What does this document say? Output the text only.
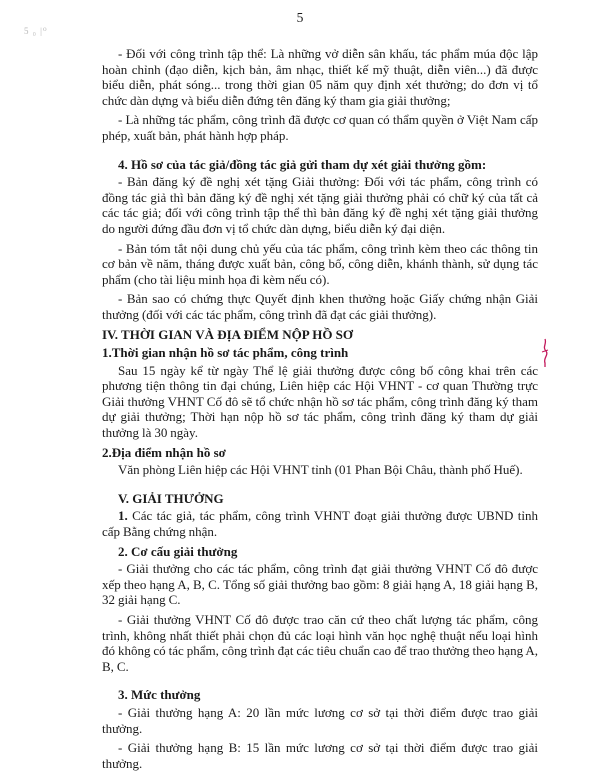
5
5 ₀ |⁰

- Đối với công trình tập thể: Là những vở diễn sân khấu, tác phẩm múa độc lập hoàn chỉnh (đạo diễn, kịch bản, âm nhạc, thiết kế mỹ thuật, diễn viên...) đã được biểu diễn, phát sóng... trong thời gian 05 năm quy định xét thưởng; do đơn vị tổ chức dàn dựng và biểu diễn đứng tên đăng ký tham gia giải thưởng;

- Là những tác phẩm, công trình đã được cơ quan có thẩm quyền ở Việt Nam cấp phép, xuất bản, phát hành hợp pháp.

4. Hồ sơ của tác giả/đồng tác giả gửi tham dự xét giải thưởng gồm:

- Bản đăng ký đề nghị xét tặng Giải thưởng: Đối với tác phẩm, công trình có đồng tác giả thì bản đăng ký đề nghị xét tặng giải thưởng phải có chữ ký của tất cả các tác giả; đối với công trình tập thể thì bản đăng ký đề nghị xét tặng giải thưởng do người đứng đầu đơn vị tổ chức dàn dựng, biểu diễn ký đại diện.

- Bản tóm tắt nội dung chủ yếu của tác phẩm, công trình kèm theo các thông tin cơ bản về năm, tháng được xuất bản, công bố, công diễn, khánh thành, sử dụng tác phẩm (cho tài liệu minh họa đi kèm nếu có).

- Bản sao có chứng thực Quyết định khen thưởng hoặc Giấy chứng nhận Giải thưởng (đối với các tác phẩm, công trình đã đạt các giải thưởng).

IV. THỜI GIAN VÀ ĐỊA ĐIỂM NỘP HỒ SƠ
1.Thời gian nhận hồ sơ tác phẩm, công trình

Sau 15 ngày kể từ ngày Thể lệ giải thưởng được công bố công khai trên các phương tiện thông tin đại chúng, Liên hiệp các Hội VHNT - cơ quan Thường trực Giải thưởng VHNT Cố đô sẽ tổ chức nhận hồ sơ tác phẩm, công trình đăng ký tham dự giải thưởng; Thời hạn nộp hồ sơ tác phẩm, công trình đăng ký tham dự giải thưởng là 30 ngày.

2.Địa điểm nhận hồ sơ

Văn phòng Liên hiệp các Hội VHNT tỉnh (01 Phan Bội Châu, thành phố Huế).

V. GIẢI THƯỞNG

1. Các tác giả, tác phẩm, công trình VHNT đoạt giải thưởng được UBND tỉnh cấp Bằng chứng nhận.

2. Cơ cấu giải thưởng

- Giải thưởng cho các tác phẩm, công trình đạt giải thưởng VHNT Cố đô được xếp theo hạng A, B, C. Tổng số giải thưởng bao gồm: 8 giải hạng A, 18 giải hạng B, 32 giải hạng C.

- Giải thưởng VHNT Cố đô được trao căn cứ theo chất lượng tác phẩm, công trình, không nhất thiết phải chọn đủ các loại hình văn học nghệ thuật nếu loại hình đó không có tác phẩm, công trình đạt các tiêu chuẩn cao để trao thưởng theo hạng A, B, C.

3. Mức thưởng

- Giải thưởng hạng A: 20 lần mức lương cơ sở tại thời điểm được trao giải thưởng.

- Giải thưởng hạng B: 15 lần mức lương cơ sở tại thời điểm được trao giải thưởng.
